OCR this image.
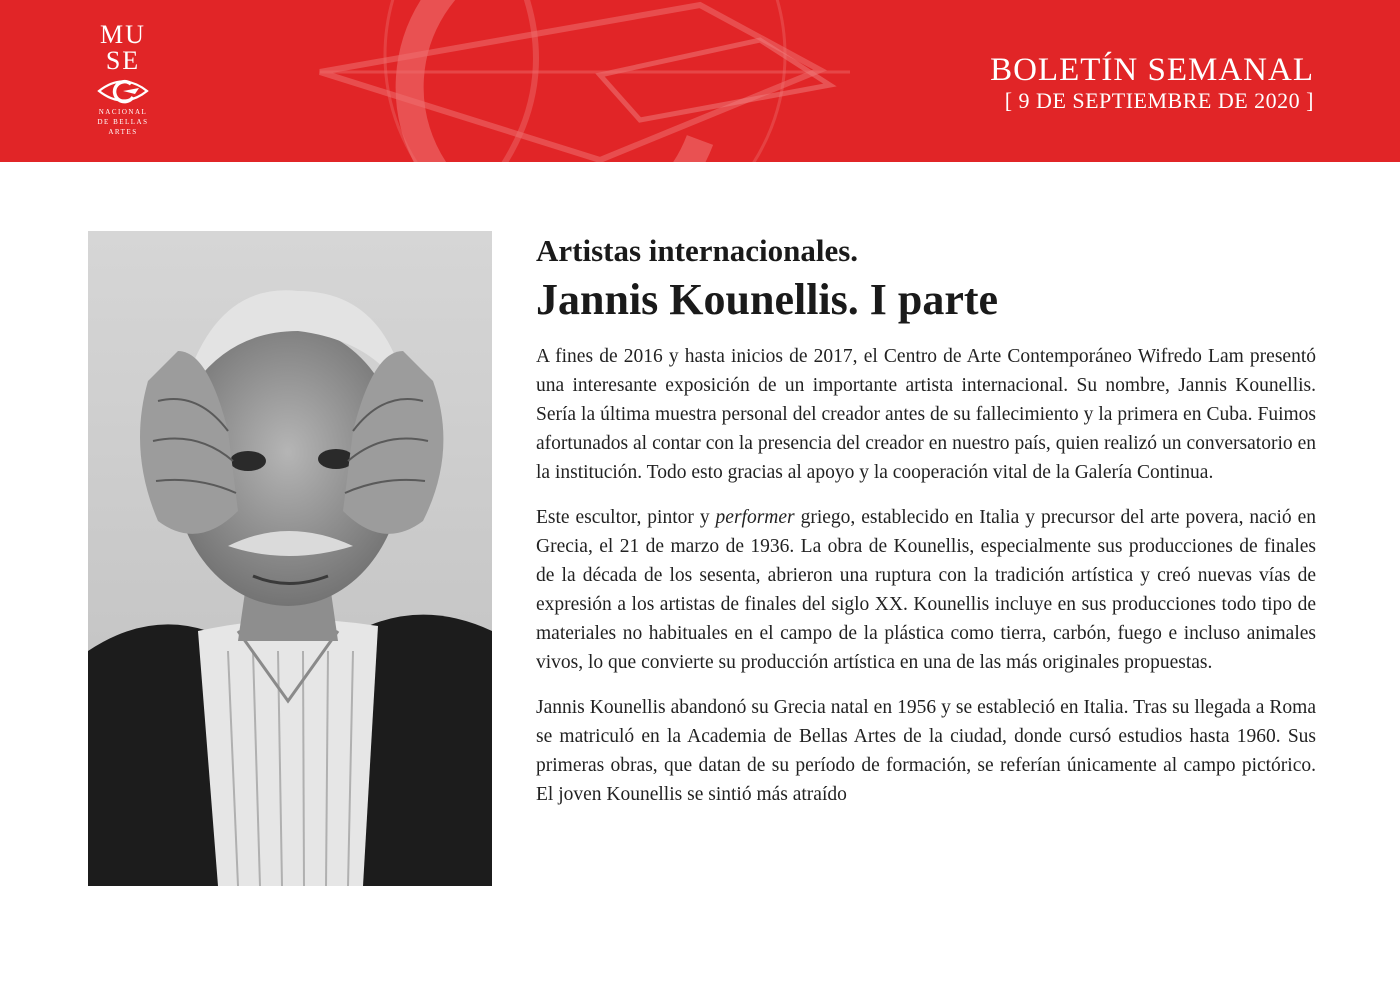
MU
SE
NACIONAL
DE BELLAS
ARTES
BOLETÍN SEMANAL
[ 9 DE SEPTIEMBRE DE 2020 ]
Artistas internacionales.
Jannis Kounellis. I parte

A fines de 2016 y hasta inicios de 2017, el Centro de Arte Contemporáneo Wifredo Lam presentó una interesante exposición de un importante artista internacional. Su nombre, Jannis Kounellis. Sería la última muestra personal del creador antes de su fallecimiento y la primera en Cuba. Fuimos afortunados al contar con la presencia del creador en nuestro país, quien realizó un conversatorio en la institución. Todo esto gracias al apoyo y la cooperación vital de la Galería Continua.

Este escultor, pintor y performer griego, establecido en Italia y precursor del arte povera, nació en Grecia, el 21 de marzo de 1936. La obra de Kounellis, especialmente sus producciones de finales de la década de los sesenta, abrieron una ruptura con la tradición artística y creó nuevas vías de expresión a los artistas de finales del siglo XX. Kounellis incluye en sus producciones todo tipo de materiales no habituales en el campo de la plástica como tierra, carbón, fuego e incluso animales vivos, lo que convierte su producción artística en una de las más originales propuestas.

Jannis Kounellis abandonó su Grecia natal en 1956 y se estableció en Italia. Tras su llegada a Roma se matriculó en la Academia de Bellas Artes de la ciudad, donde cursó estudios hasta 1960. Sus primeras obras, que datan de su período de formación, se referían únicamente al campo pictórico. El joven Kounellis se sintió más atraído
